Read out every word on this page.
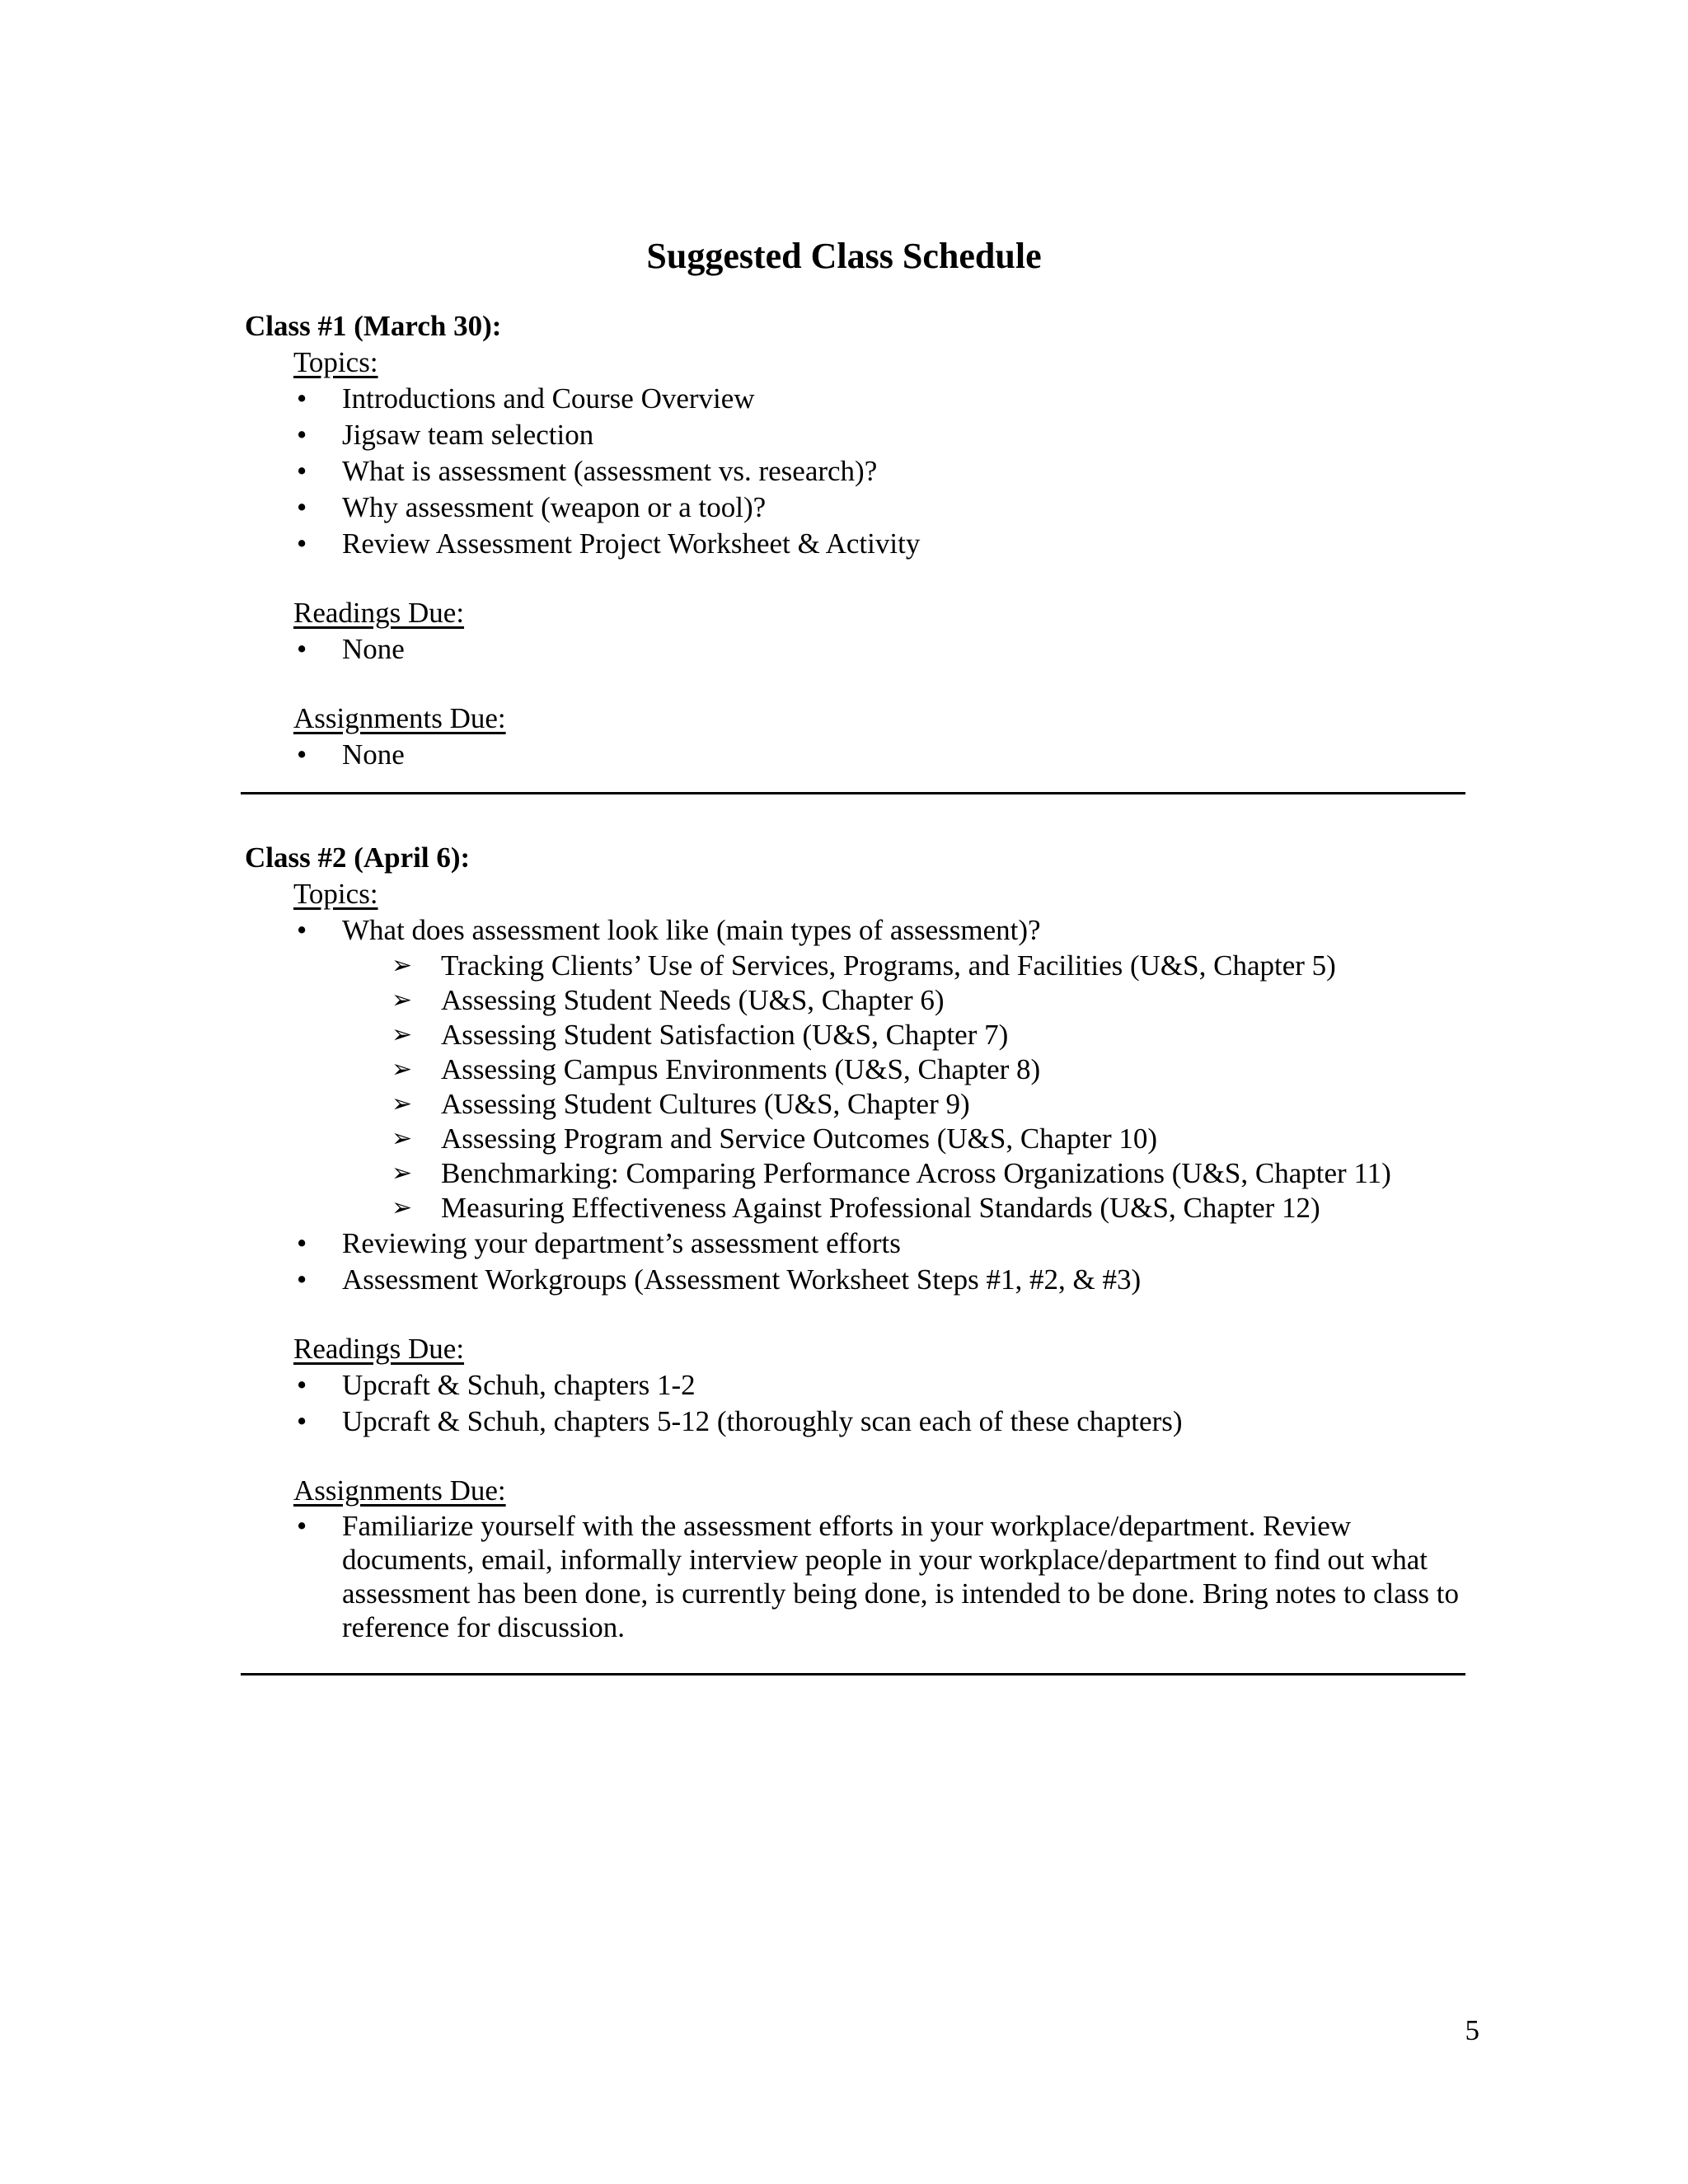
Suggested Class Schedule
Class #1 (March 30):
Topics:
•	Introductions and Course Overview
•	Jigsaw team selection
•	What is assessment (assessment vs. research)?
•	Why assessment (weapon or a tool)?
•	Review Assessment Project Worksheet & Activity
Readings Due:
•	None
Assignments Due:
•	None
Class #2 (April 6):
Topics:
•	What does assessment look like (main types of assessment)?
➢ Tracking Clients’ Use of Services, Programs, and Facilities (U&S, Chapter 5)
➢ Assessing Student Needs (U&S, Chapter 6)
➢ Assessing Student Satisfaction (U&S, Chapter 7)
➢ Assessing Campus Environments (U&S, Chapter 8)
➢ Assessing Student Cultures (U&S, Chapter 9)
➢ Assessing Program and Service Outcomes (U&S, Chapter 10)
➢ Benchmarking: Comparing Performance Across Organizations (U&S, Chapter 11)
➢ Measuring Effectiveness Against Professional Standards (U&S, Chapter 12)
•	Reviewing your department’s assessment efforts
•	Assessment Workgroups (Assessment Worksheet Steps #1, #2, & #3)
Readings Due:
•	Upcraft & Schuh, chapters 1-2
•	Upcraft & Schuh, chapters 5-12 (thoroughly scan each of these chapters)
Assignments Due:
•	Familiarize yourself with the assessment efforts in your workplace/department. Review documents, email, informally interview people in your workplace/department to find out what assessment has been done, is currently being done, is intended to be done. Bring notes to class to reference for discussion.
5
